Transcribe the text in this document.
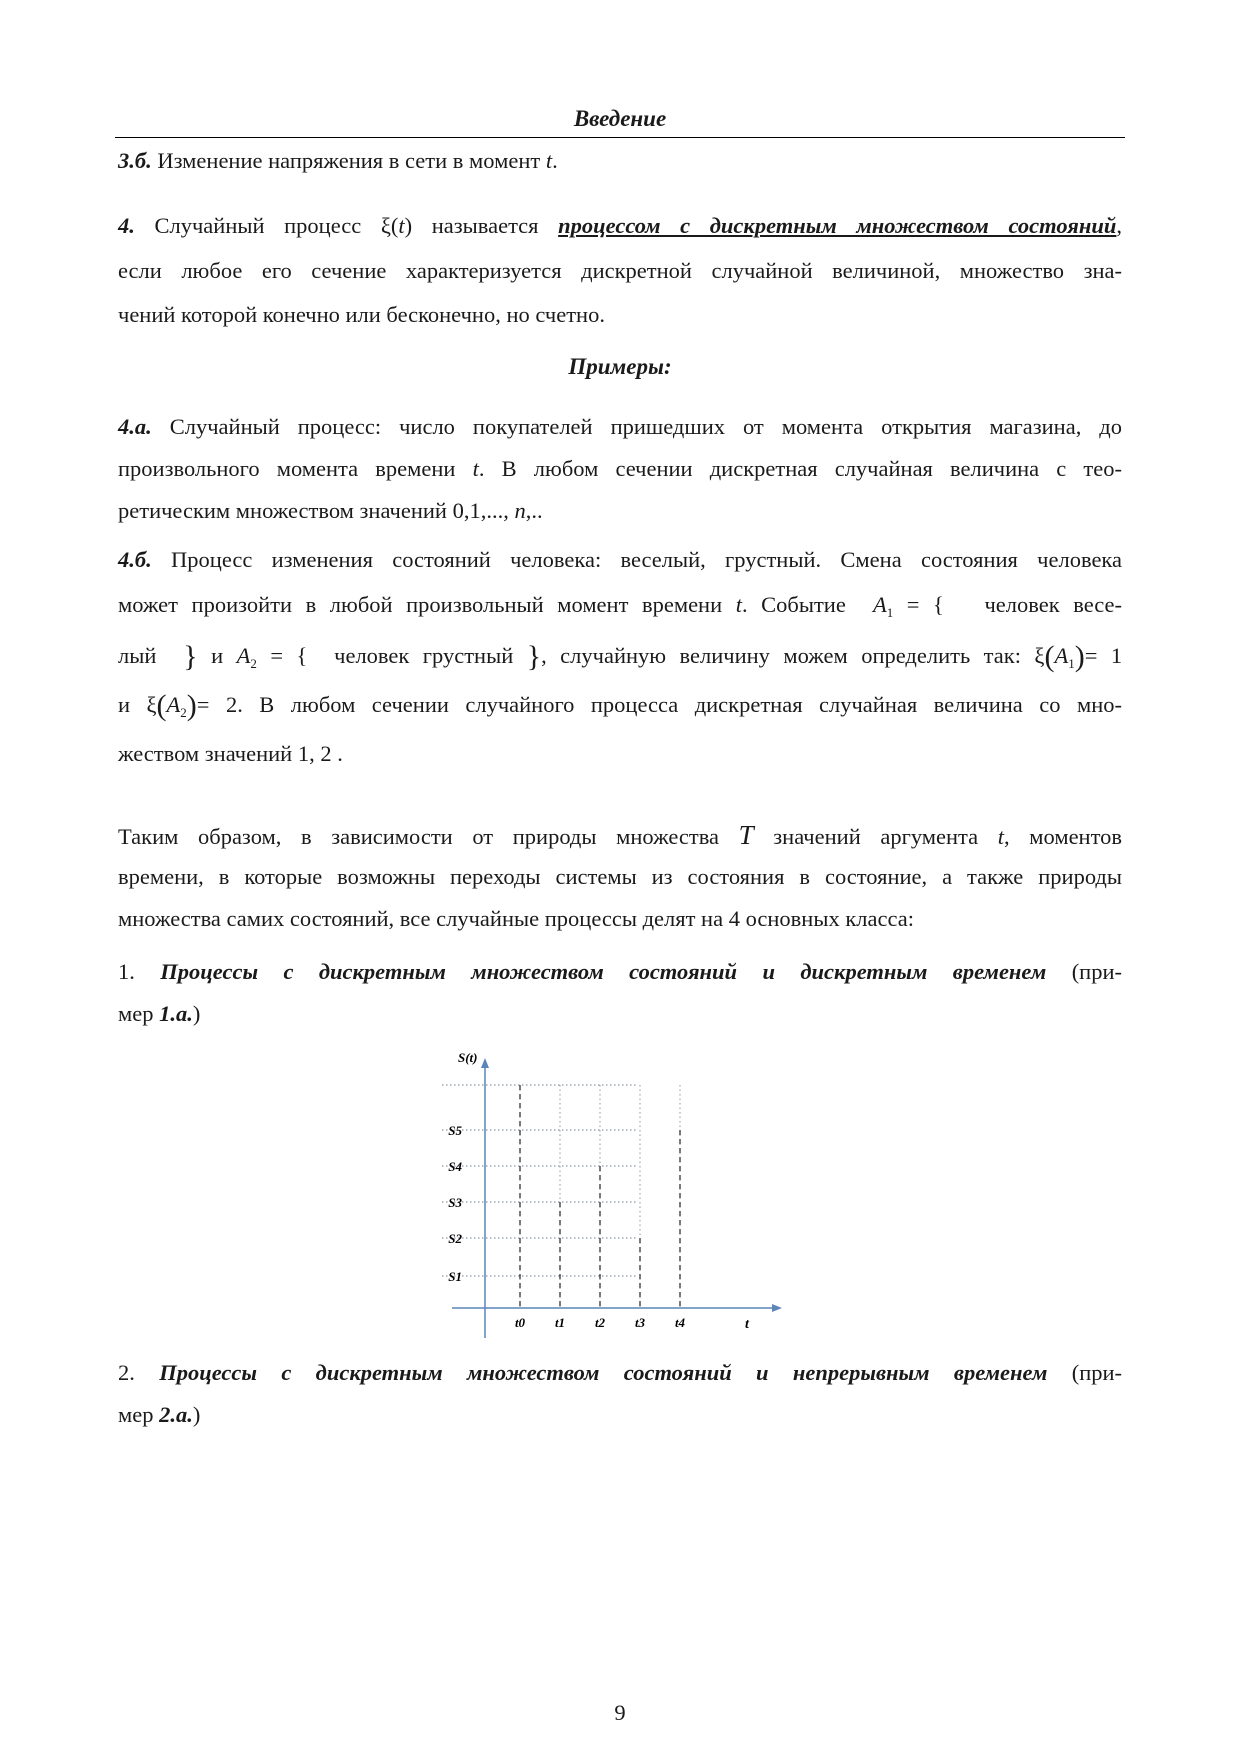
Введение
3.б. Изменение напряжения в сети в момент t.
4. Случайный процесс ξ(t) называется процессом с дискретным множеством состояний,
если любое его сечение характеризуется дискретной случайной величиной, множество зна-
чений которой конечно или бесконечно, но счетно.
Примеры:
4.а. Случайный процесс: число покупателей пришедших от момента открытия магазина, до
произвольного момента времени t. В любом сечении дискретная случайная величина с тео-
ретическим множеством значений 0,1,..., n,..
4.б. Процесс изменения состояний человека: веселый, грустный. Смена состояния человека
может произойти в любой произвольный момент времени t. Событие $A_1$ = { человек весе-
лый } и $A_2$ = { человек грустный }, случайную величину можем определить так: $\xi(A_1)= 1$
и $\xi(A_2)= 2$. В любом сечении случайного процесса дискретная случайная величина со мно-
жеством значений 1, 2 .
Таким образом, в зависимости от природы множества T значений аргумента t, моментов
времени, в которые возможны переходы системы из состояния в состояние, а также природы
множества самих состояний, все случайные процессы делят на 4 основных класса:
1. Процессы с дискретным множеством состояний и дискретным временем (при-
мер 1.а.)
S(t)
t
S1
S2
S3
S4
S5
t0 t1 t2 t3 t4
2. Процессы с дискретным множеством состояний и непрерывным временем (при-
мер 2.а.)
9
